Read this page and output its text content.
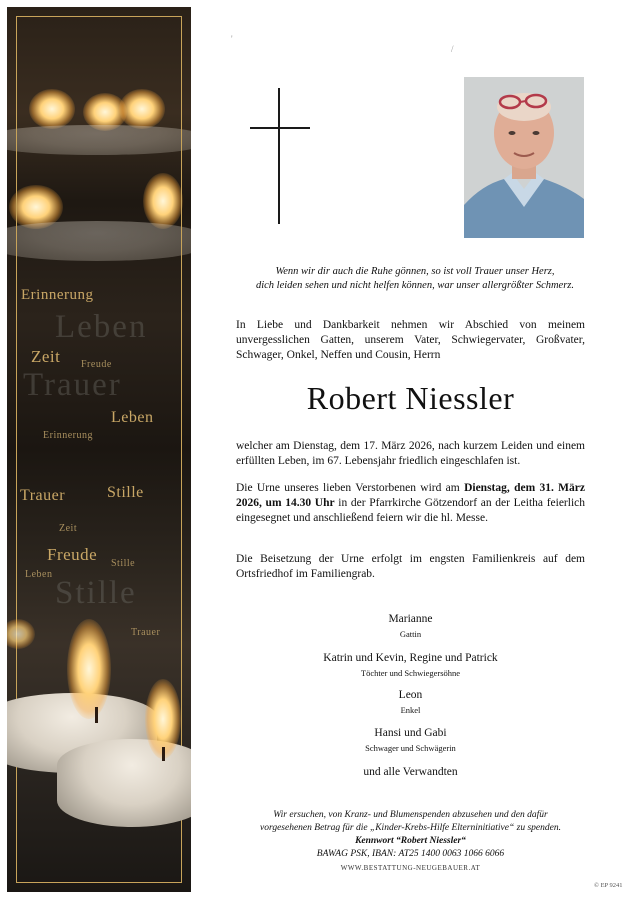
Leben
Erinnerung
Zeit Freude
Trauer
Leben
Erinnerung
Trauer	Stille
Zeit
Freude Stille
Leben
Stille
Trauer
'
/
Wenn wir dir auch die Ruhe gönnen, so ist voll Trauer unser Herz,
dich leiden sehen und nicht helfen können, war unser allergrößter Schmerz.
In Liebe und Dankbarkeit nehmen wir Abschied von meinem unvergesslichen Gatten, unserem Vater, Schwiegervater, Großvater, Schwager, Onkel, Neffen und Cousin, Herrn
Robert Niessler
welcher am Dienstag, dem 17. März 2026, nach kurzem Leiden und einem erfüllten Leben, im 67. Lebensjahr friedlich eingeschlafen ist.
Die Urne unseres lieben Verstorbenen wird am Dienstag, dem 31. März 2026, um 14.30 Uhr in der Pfarrkirche Götzendorf an der Leitha feierlich eingesegnet und anschließend feiern wir die hl. Messe.
Die Beisetzung der Urne erfolgt im engsten Familienkreis auf dem Ortsfriedhof im Familiengrab.
Marianne
Gattin
Katrin und Kevin, Regine und Patrick
Töchter und Schwiegersöhne
Leon
Enkel
Hansi und Gabi
Schwager und Schwägerin
und alle Verwandten
Wir ersuchen, von Kranz- und Blumenspenden abzusehen und den dafür
vorgesehenen Betrag für die „Kinder-Krebs-Hilfe Elterninitiative“ zu spenden.
Kennwort “Robert Niessler“
BAWAG PSK, IBAN: AT25 1400 0063 1066 6066
WWW.BESTATTUNG-NEUGEBAUER.AT
© EP 9241
